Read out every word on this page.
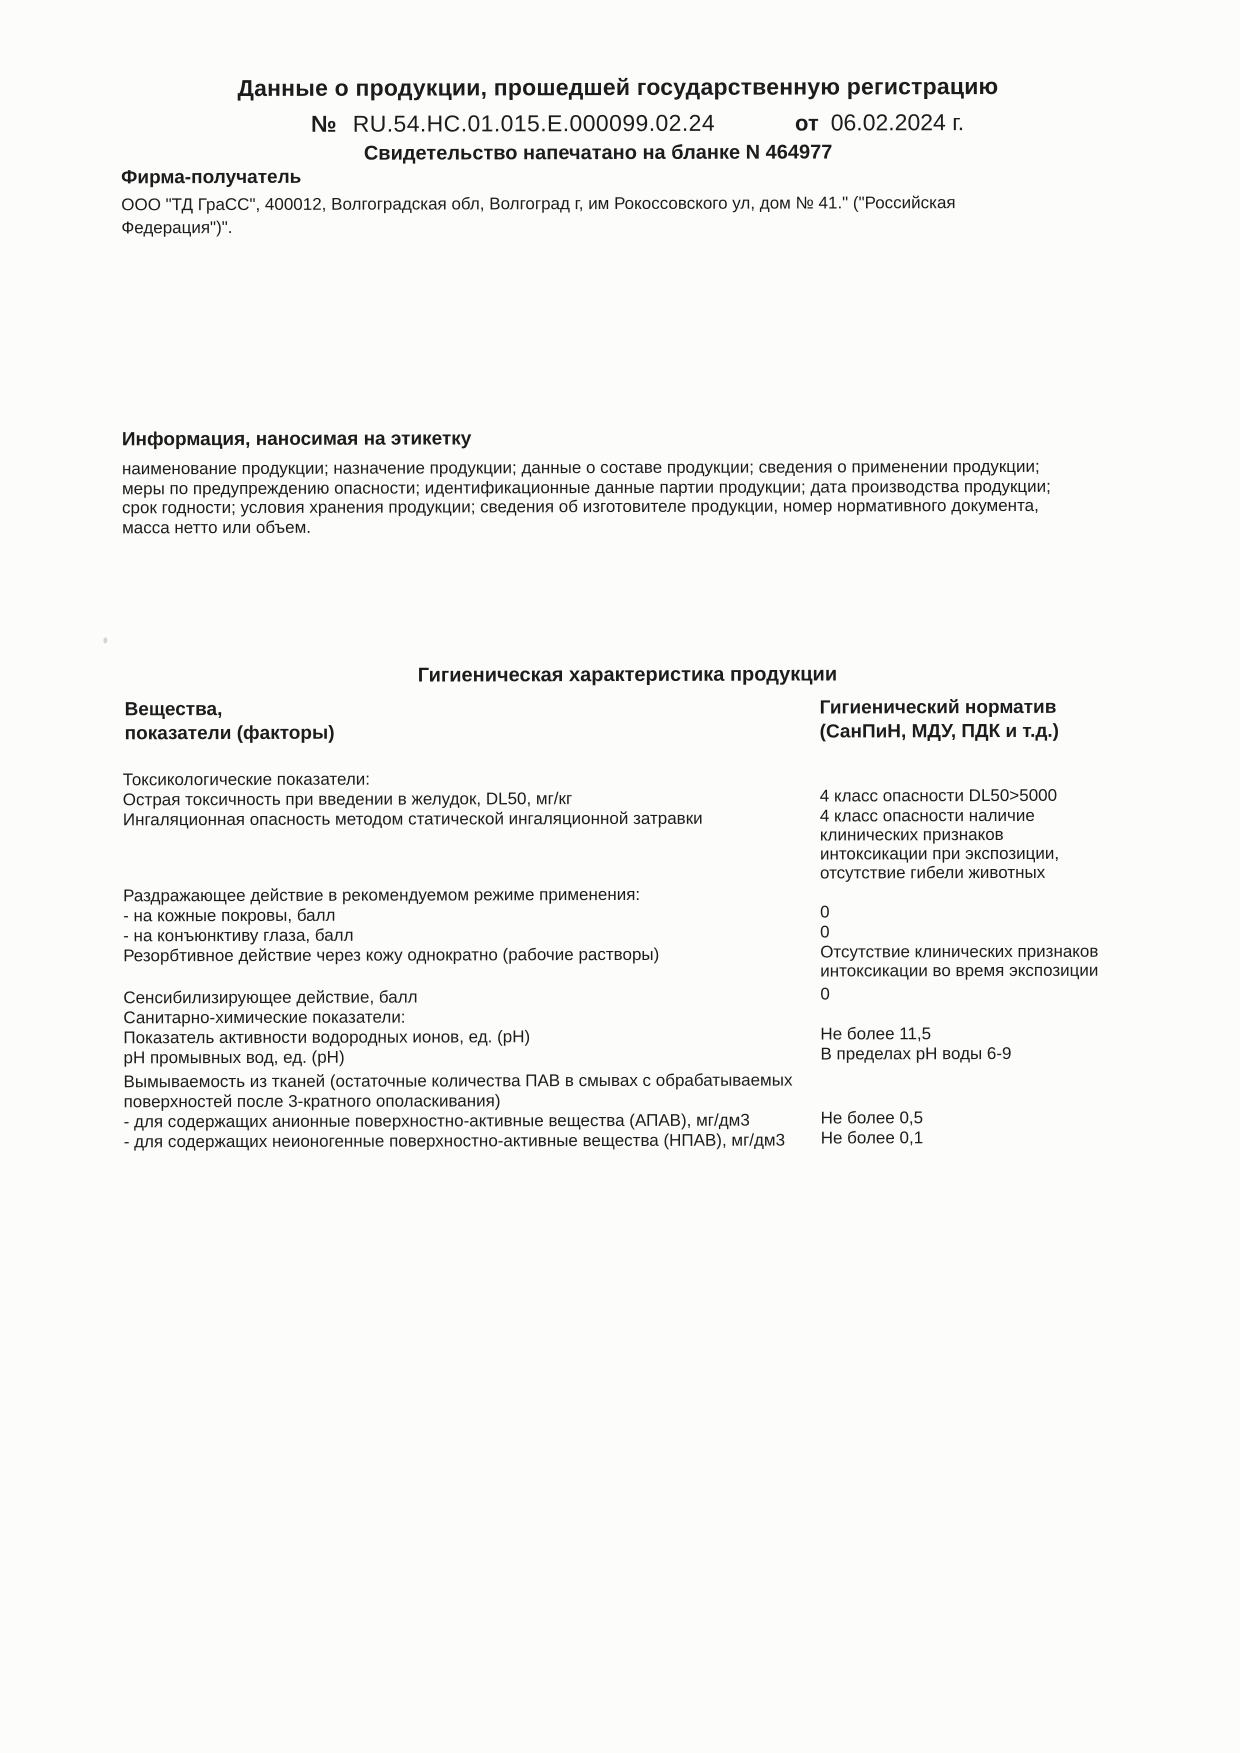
Данные о продукции, прошедшей государственную регистрацию
№ RU.54.HC.01.015.E.000099.02.24	от 06.02.2024 г.
Свидетельство напечатано на бланке N 464977
Фирма-получатель
ООО "ТД ГраСС", 400012, Волгоградская обл, Волгоград г, им Рокоссовского ул, дом № 41." ("Российская
Федерация")".
Информация, наносимая на этикетку
наименование продукции; назначение продукции; данные о составе продукции; сведения о применении продукции;
меры по предупреждению опасности; идентификационные данные партии продукции; дата производства продукции;
срок годности; условия хранения продукции; сведения об изготовителе продукции, номер нормативного документа,
масса нетто или объем.
Гигиеническая характеристика продукции
Вещества,
показатели (факторы)
Гигиенический норматив
(СанПиН, МДУ, ПДК и т.д.)
Токсикологические показатели:
Острая токсичность при введении в желудок, DL50, мг/кг	4 класс опасности DL50>5000
Ингаляционная опасность методом статической ингаляционной затравки	4 класс опасности наличие
клинических признаков
интоксикации при экспозиции,
отсутствие гибели животных
Раздражающее действие в рекомендуемом режиме применения:
- на кожные покровы, балл	0
- на конъюнктиву глаза, балл	0
Резорбтивное действие через кожу однократно (рабочие растворы)	Отсутствие клинических признаков
интоксикации во время экспозиции
Сенсибилизирующее действие, балл	0
Санитарно-химические показатели:
Показатель активности водородных ионов, ед. (рН)	Не более 11,5
рН промывных вод, ед. (рН)	В пределах рН воды 6-9
Вымываемость из тканей (остаточные количества ПАВ в смывах с обрабатываемых
поверхностей после 3-кратного ополаскивания)
- для содержащих анионные поверхностно-активные вещества (АПАВ), мг/дм3	Не более 0,5
- для содержащих неионогенные поверхностно-активные вещества (НПАВ), мг/дм3	Не более 0,1
